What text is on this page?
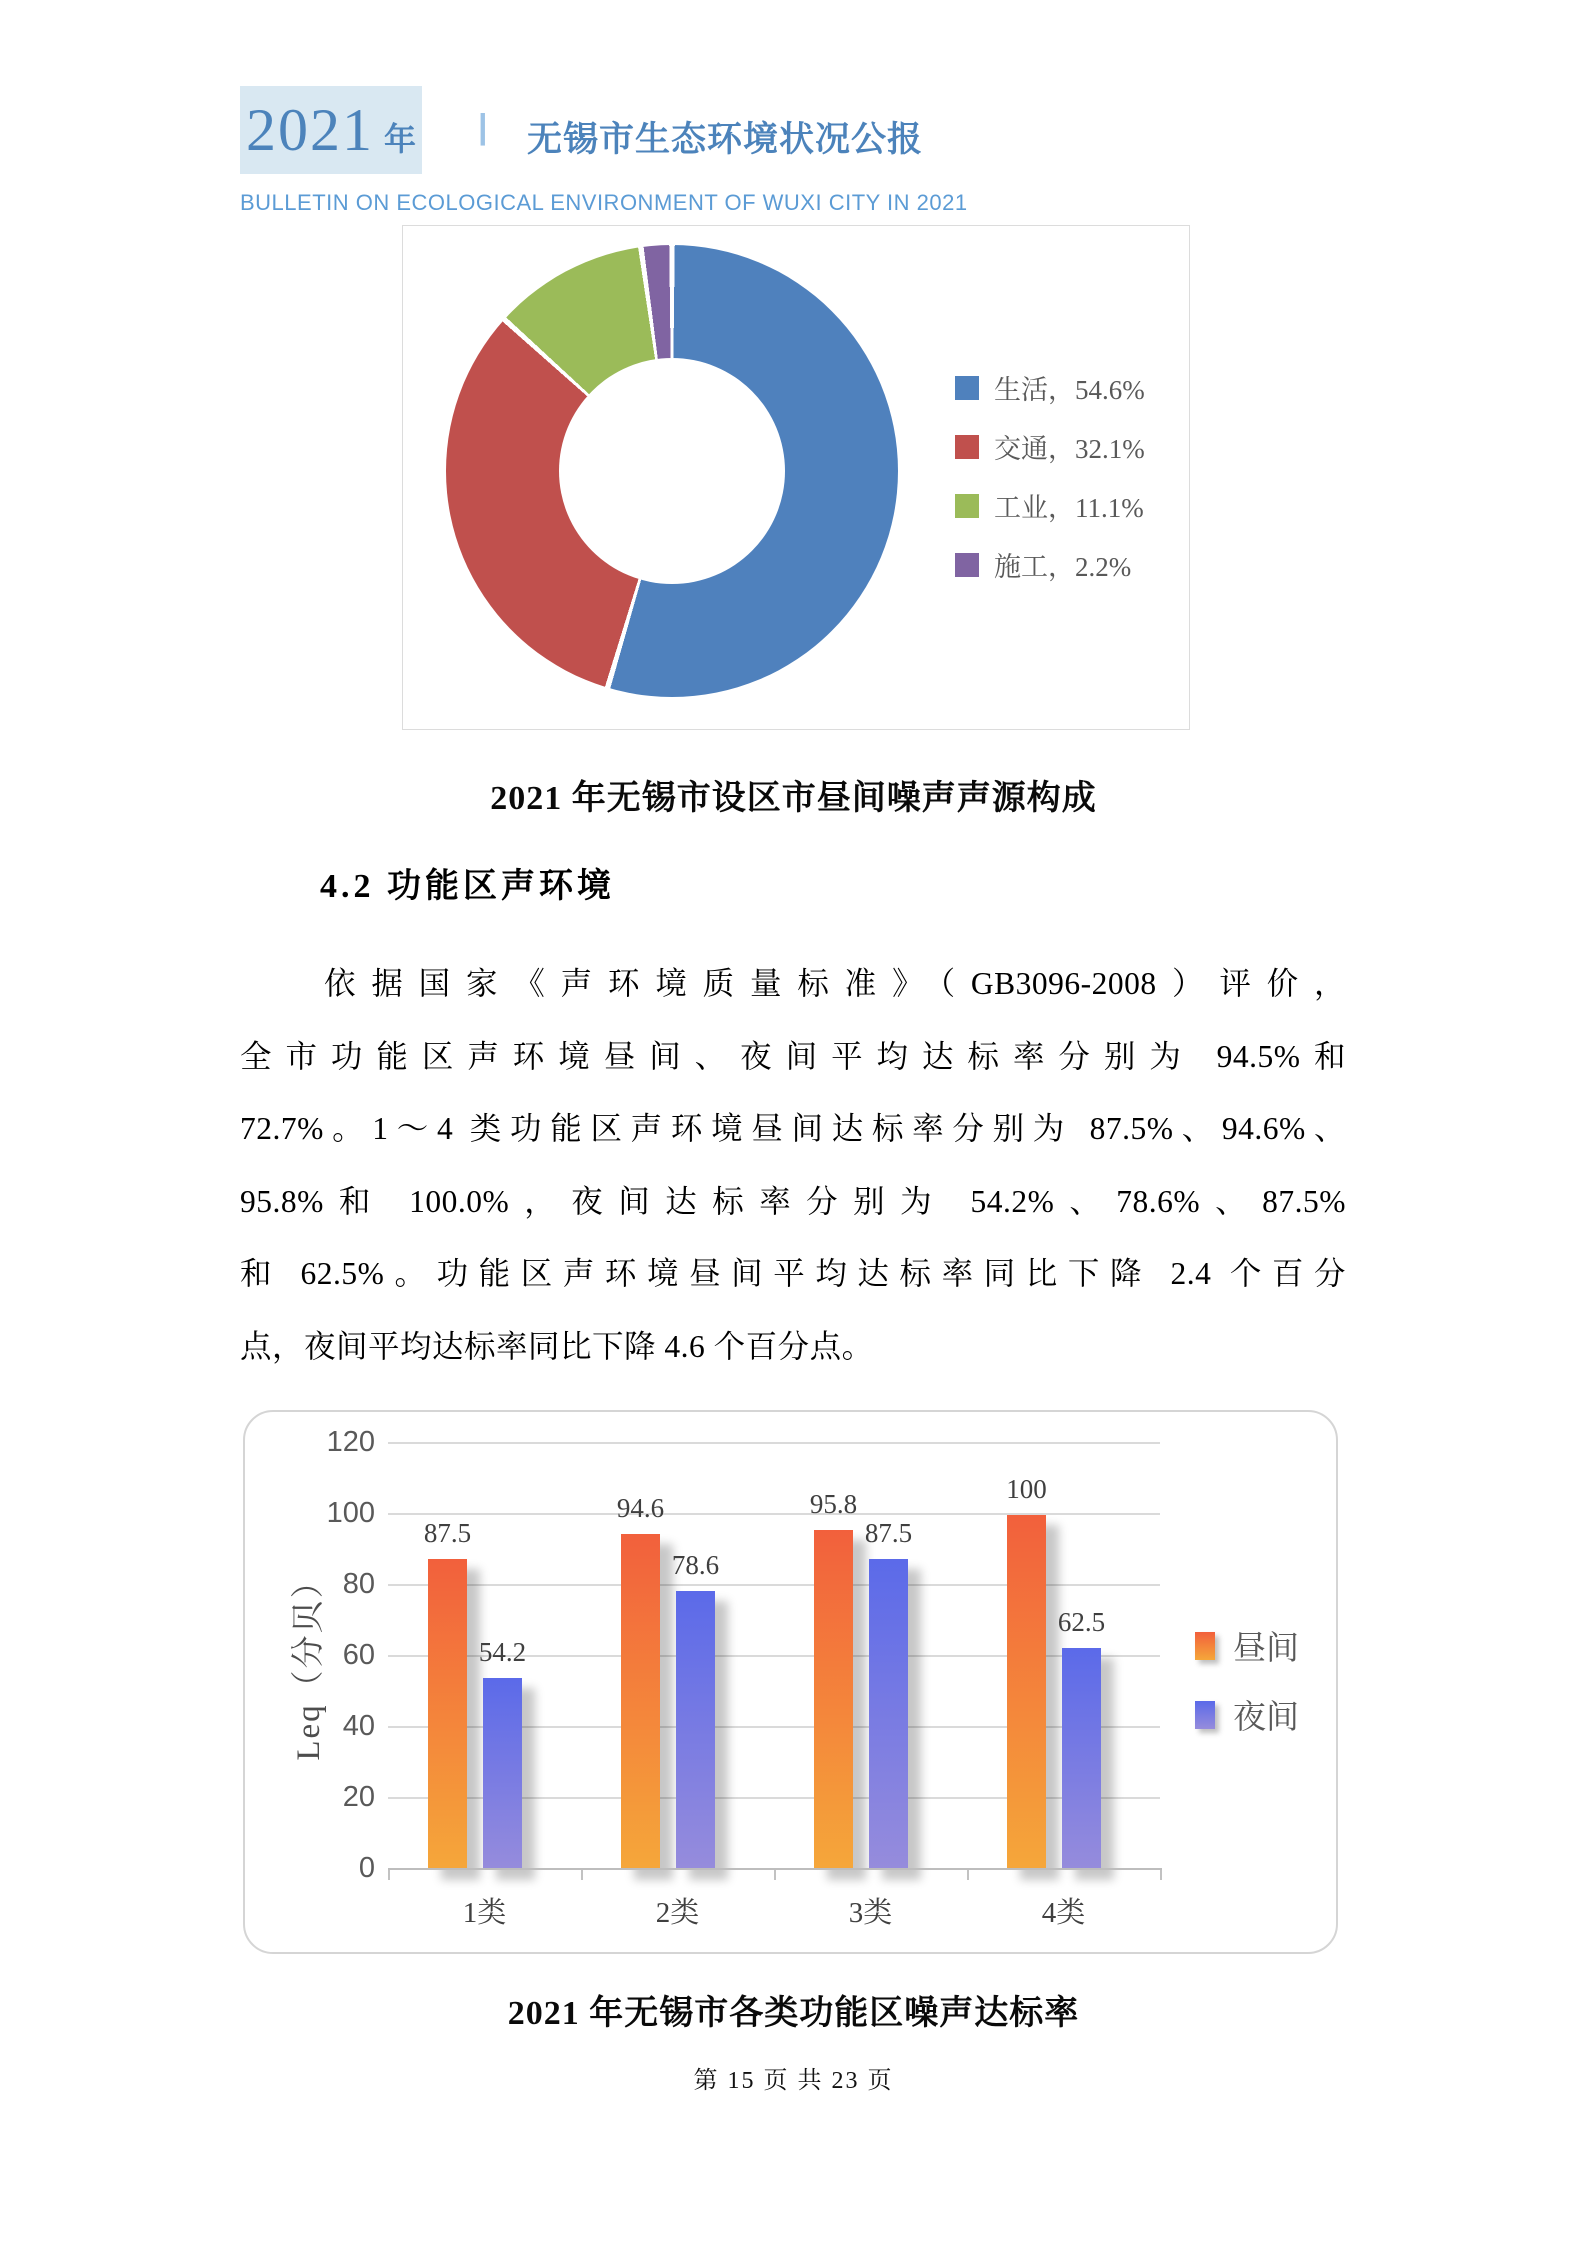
2021 年 | 无锡市生态环境状况公报
BULLETIN ON ECOLOGICAL ENVIRONMENT OF WUXI CITY IN 2021
生活，54.6%
交通，32.1%
工业，11.1%
施工，2.2%
2021 年无锡市设区市昼间噪声声源构成
4.2 功能区声环境
依据国家《声环境质量标准》（GB3096-2008）评价，
全市功能区声环境昼间、夜间平均达标率分别为 94.5%和
72.7%。1～4 类功能区声环境昼间达标率分别为 87.5%、94.6%、
95.8%和 100.0%，夜间达标率分别为 54.2%、78.6%、87.5%
和 62.5%。功能区声环境昼间平均达标率同比下降 2.4 个百分
点，夜间平均达标率同比下降 4.6 个百分点。
Leq（分贝）
87.5
54.2
94.6
78.6
95.8
87.5
100
62.5
昼间
夜间
0
20
40
60
80
100
120
1类	2类	3类	4类
2021 年无锡市各类功能区噪声达标率
第 15 页 共 23 页
